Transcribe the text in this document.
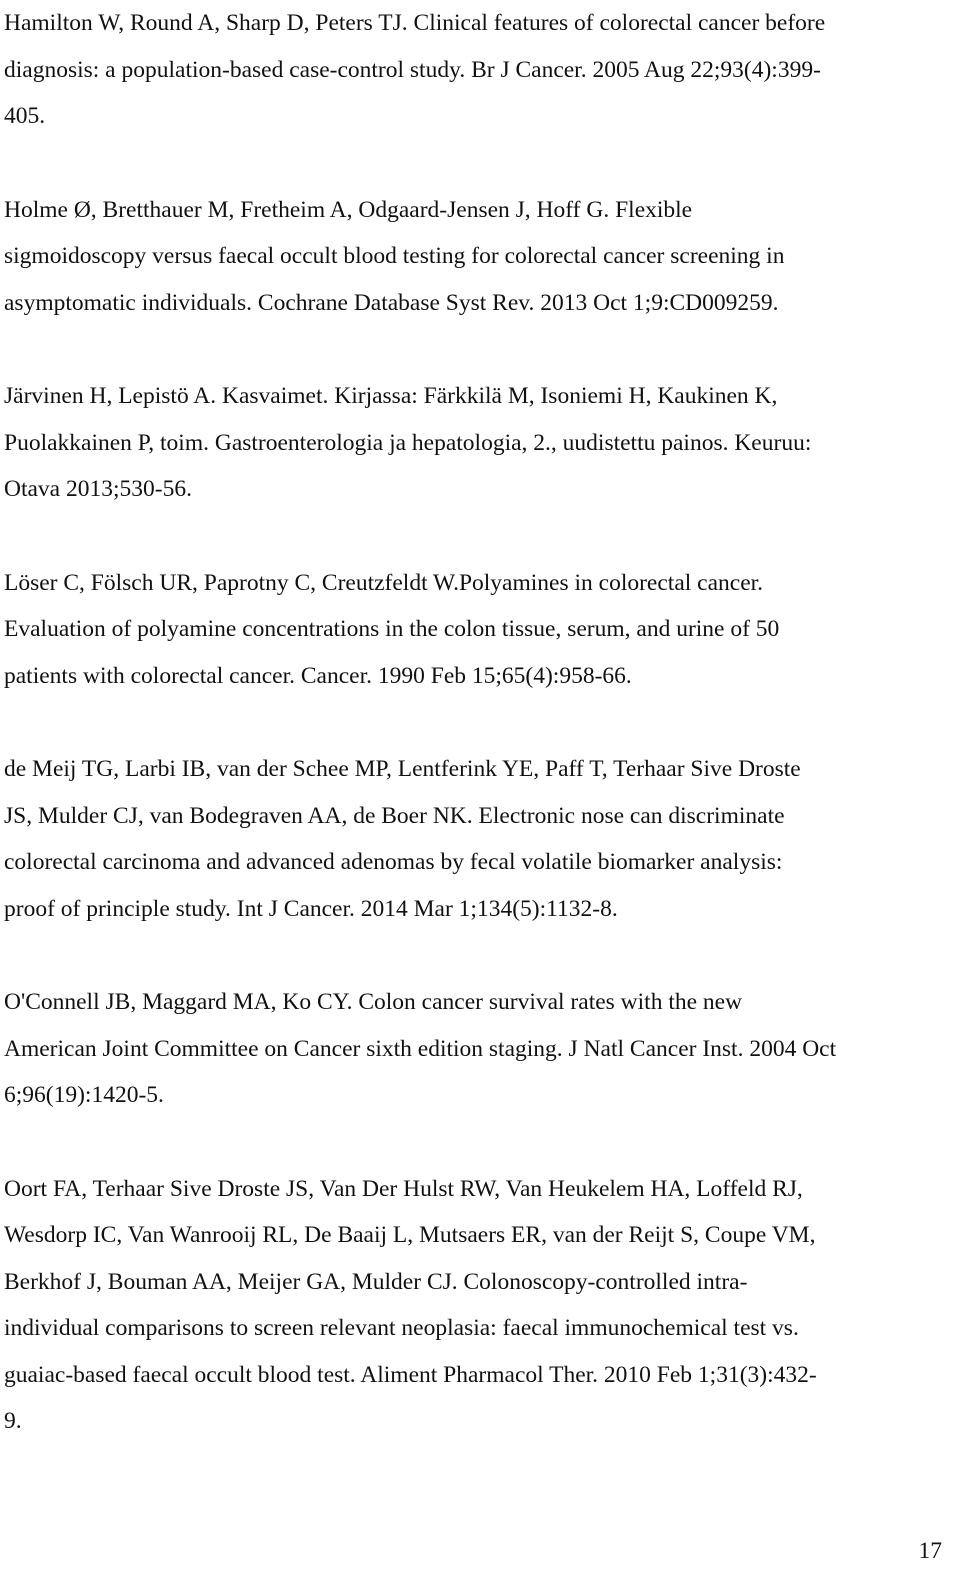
Hamilton W, Round A, Sharp D, Peters TJ. Clinical features of colorectal cancer before
diagnosis: a population-based case-control study. Br J Cancer. 2005 Aug 22;93(4):399-
405.

Holme Ø, Bretthauer M, Fretheim A, Odgaard-Jensen J, Hoff G. Flexible
sigmoidoscopy versus faecal occult blood testing for colorectal cancer screening in
asymptomatic individuals. Cochrane Database Syst Rev. 2013 Oct 1;9:CD009259.

Järvinen H, Lepistö A. Kasvaimet. Kirjassa: Färkkilä M, Isoniemi H, Kaukinen K,
Puolakkainen P, toim. Gastroenterologia ja hepatologia, 2., uudistettu painos. Keuruu:
Otava 2013;530-56.

Löser C, Fölsch UR, Paprotny C, Creutzfeldt W.Polyamines in colorectal cancer.
Evaluation of polyamine concentrations in the colon tissue, serum, and urine of 50
patients with colorectal cancer. Cancer. 1990 Feb 15;65(4):958-66.

de Meij TG, Larbi IB, van der Schee MP, Lentferink YE, Paff T, Terhaar Sive Droste
JS, Mulder CJ, van Bodegraven AA, de Boer NK. Electronic nose can discriminate
colorectal carcinoma and advanced adenomas by fecal volatile biomarker analysis:
proof of principle study. Int J Cancer. 2014 Mar 1;134(5):1132-8.

O'Connell JB, Maggard MA, Ko CY. Colon cancer survival rates with the new
American Joint Committee on Cancer sixth edition staging. J Natl Cancer Inst. 2004 Oct
6;96(19):1420-5.

Oort FA, Terhaar Sive Droste JS, Van Der Hulst RW, Van Heukelem HA, Loffeld RJ,
Wesdorp IC, Van Wanrooij RL, De Baaij L, Mutsaers ER, van der Reijt S, Coupe VM,
Berkhof J, Bouman AA, Meijer GA, Mulder CJ. Colonoscopy-controlled intra-
individual comparisons to screen relevant neoplasia: faecal immunochemical test vs.
guaiac-based faecal occult blood test. Aliment Pharmacol Ther. 2010 Feb 1;31(3):432-
9.

17
